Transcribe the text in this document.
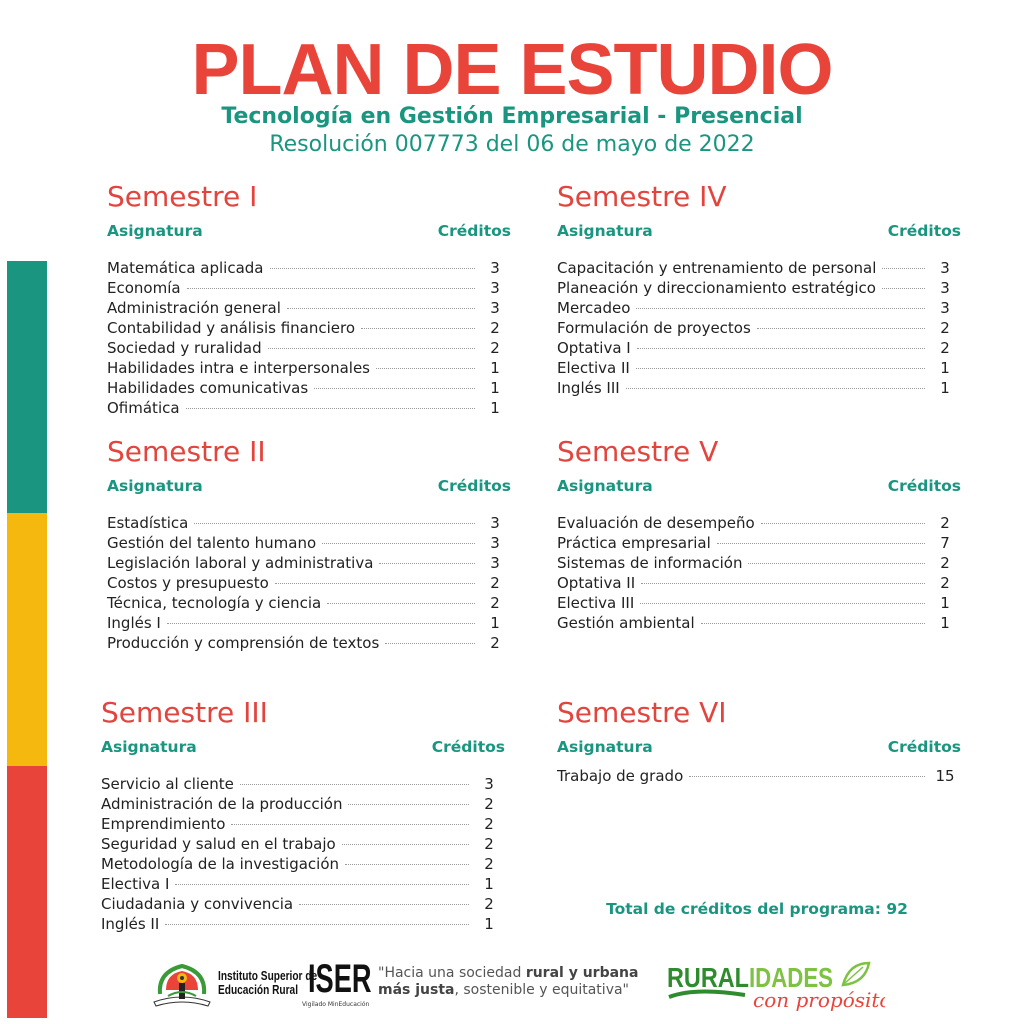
PLAN DE ESTUDIO
Tecnología en Gestión Empresarial - Presencial
Resolución 007773 del 06 de mayo de 2022
Semestre I
Asignatura	Créditos
Matemática aplicada	3
Economía	3
Administración general	3
Contabilidad y análisis financiero	2
Sociedad y ruralidad	2
Habilidades intra e interpersonales	1
Habilidades comunicativas	1
Ofimática	1
Semestre II
Asignatura	Créditos
Estadística	3
Gestión del talento humano	3
Legislación laboral y administrativa	3
Costos y presupuesto	2
Técnica, tecnología y ciencia	2
Inglés I	1
Producción y comprensión de textos	2
Semestre III
Asignatura	Créditos
Servicio al cliente	3
Administración de la producción	2
Emprendimiento	2
Seguridad y salud en el trabajo	2
Metodología de la investigación	2
Electiva I	1
Ciudadania y convivencia	2
Inglés II	1
Semestre IV
Asignatura	Créditos
Capacitación y entrenamiento de personal	3
Planeación y direccionamiento estratégico	3
Mercadeo	3
Formulación de proyectos	2
Optativa I	2
Electiva II	1
Inglés III	1
Semestre V
Asignatura	Créditos
Evaluación de desempeño	2
Práctica empresarial	7
Sistemas de información	2
Optativa II	2
Electiva III	1
Gestión ambiental	1
Semestre VI
Asignatura	Créditos
Trabajo de grado	15
Total de créditos del programa: 92
Instituto Superior de
Educación Rural ISER
Vigilado MinEducación
"Hacia una sociedad rural y urbana
más justa, sostenible y equitativa"	RURAL IDADES
con propósito
